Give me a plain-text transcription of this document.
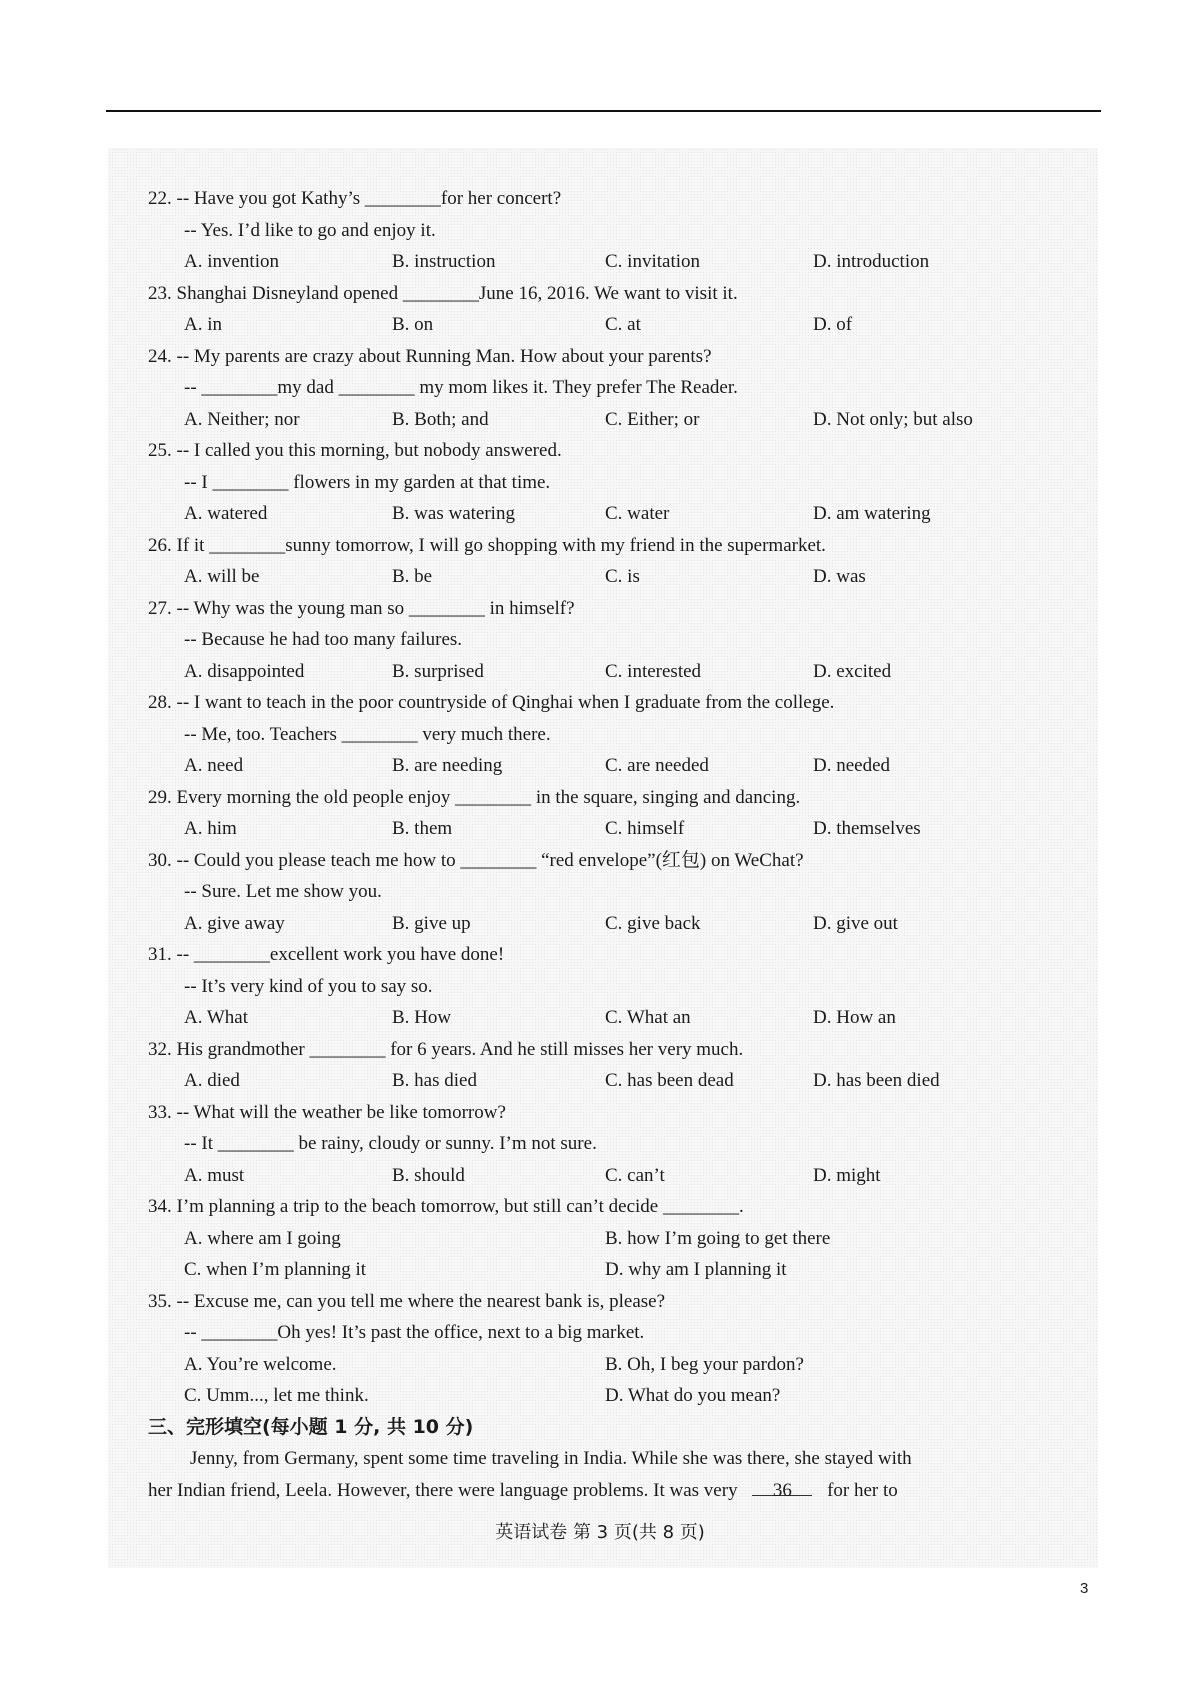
22. -- Have you got Kathy’s ________for her concert?
-- Yes. I’d like to go and enjoy it.
A. invention	B. instruction	C. invitation	D. introduction
23. Shanghai Disneyland opened ________June 16, 2016. We want to visit it.
A. in	B. on	C. at	D. of
24. -- My parents are crazy about Running Man. How about your parents?
-- ________my dad ________ my mom likes it. They prefer The Reader.
A. Neither; nor	B. Both; and	C. Either; or	D. Not only; but also
25. -- I called you this morning, but nobody answered.
-- I ________ flowers in my garden at that time.
A. watered	B. was watering	C. water	D. am watering
26. If it ________sunny tomorrow, I will go shopping with my friend in the supermarket.
A. will be	B. be	C. is	D. was
27. -- Why was the young man so ________ in himself?
-- Because he had too many failures.
A. disappointed	B. surprised	C. interested	D. excited
28. -- I want to teach in the poor countryside of Qinghai when I graduate from the college.
-- Me, too. Teachers ________ very much there.
A. need	B. are needing	C. are needed	D. needed
29. Every morning the old people enjoy ________ in the square, singing and dancing.
A. him	B. them	C. himself	D. themselves
30. -- Could you please teach me how to ________ “red envelope”(红包) on WeChat?
-- Sure. Let me show you.
A. give away	B. give up	C. give back	D. give out
31. -- ________excellent work you have done!
-- It’s very kind of you to say so.
A. What	B. How	C. What an	D. How an
32. His grandmother ________ for 6 years. And he still misses her very much.
A. died	B. has died	C. has been dead	D. has been died
33. -- What will the weather be like tomorrow?
-- It ________ be rainy, cloudy or sunny. I’m not sure.
A. must	B. should	C. can’t	D. might
34. I’m planning a trip to the beach tomorrow, but still can’t decide ________.
A. where am I going	B. how I’m going to get there
C. when I’m planning it	D. why am I planning it
35. -- Excuse me, can you tell me where the nearest bank is, please?
-- ________Oh yes! It’s past the office, next to a big market.
A. You’re welcome.	B. Oh, I beg your pardon?
C. Umm..., let me think.	D. What do you mean?
三、完形填空(每小题 1 分, 共 10 分)
Jenny, from Germany, spent some time traveling in India. While she was there, she stayed with
her Indian friend, Leela. However, there were language problems. It was very 36 for her to
英语试卷 第 3 页(共 8 页)
3
